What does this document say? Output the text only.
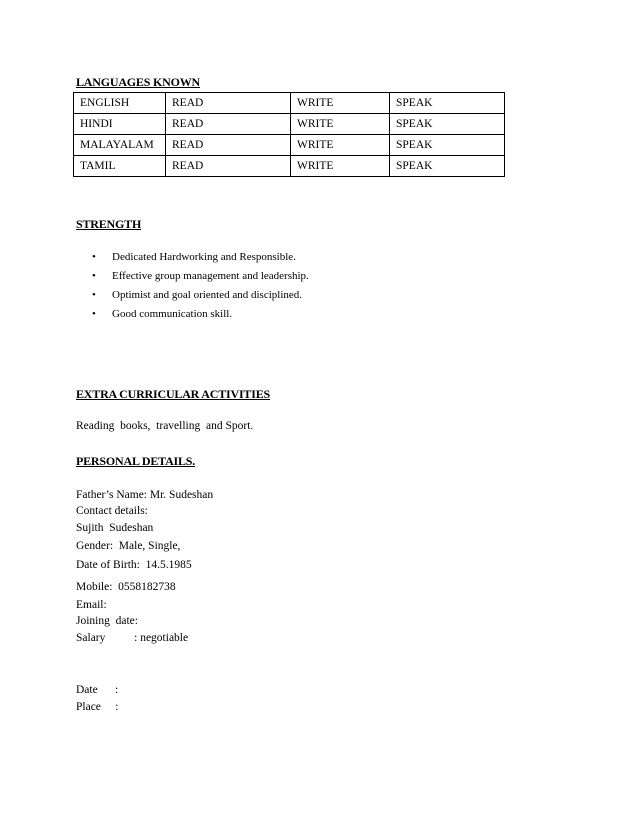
LANGUAGES KNOWN
ENGLISH	READ	WRITE	SPEAK
HINDI	READ	WRITE	SPEAK
MALAYALAM	READ	WRITE	SPEAK
TAMIL	READ	WRITE	SPEAK
STRENGTH
• Dedicated Hardworking and Responsible.
• Effective group management and leadership.
• Optimist and goal oriented and disciplined.
• Good communication skill.
EXTRA CURRICULAR ACTIVITIES
Reading  books,  travelling  and Sport.
PERSONAL DETAILS.
Father’s Name: Mr. Sudeshan
Contact details:
Sujith  Sudeshan
Gender:  Male, Single,
Date of Birth:  14.5.1985
Mobile:  0558182738
Email:
Joining  date:
Salary          : negotiable
Date      :
Place     :
